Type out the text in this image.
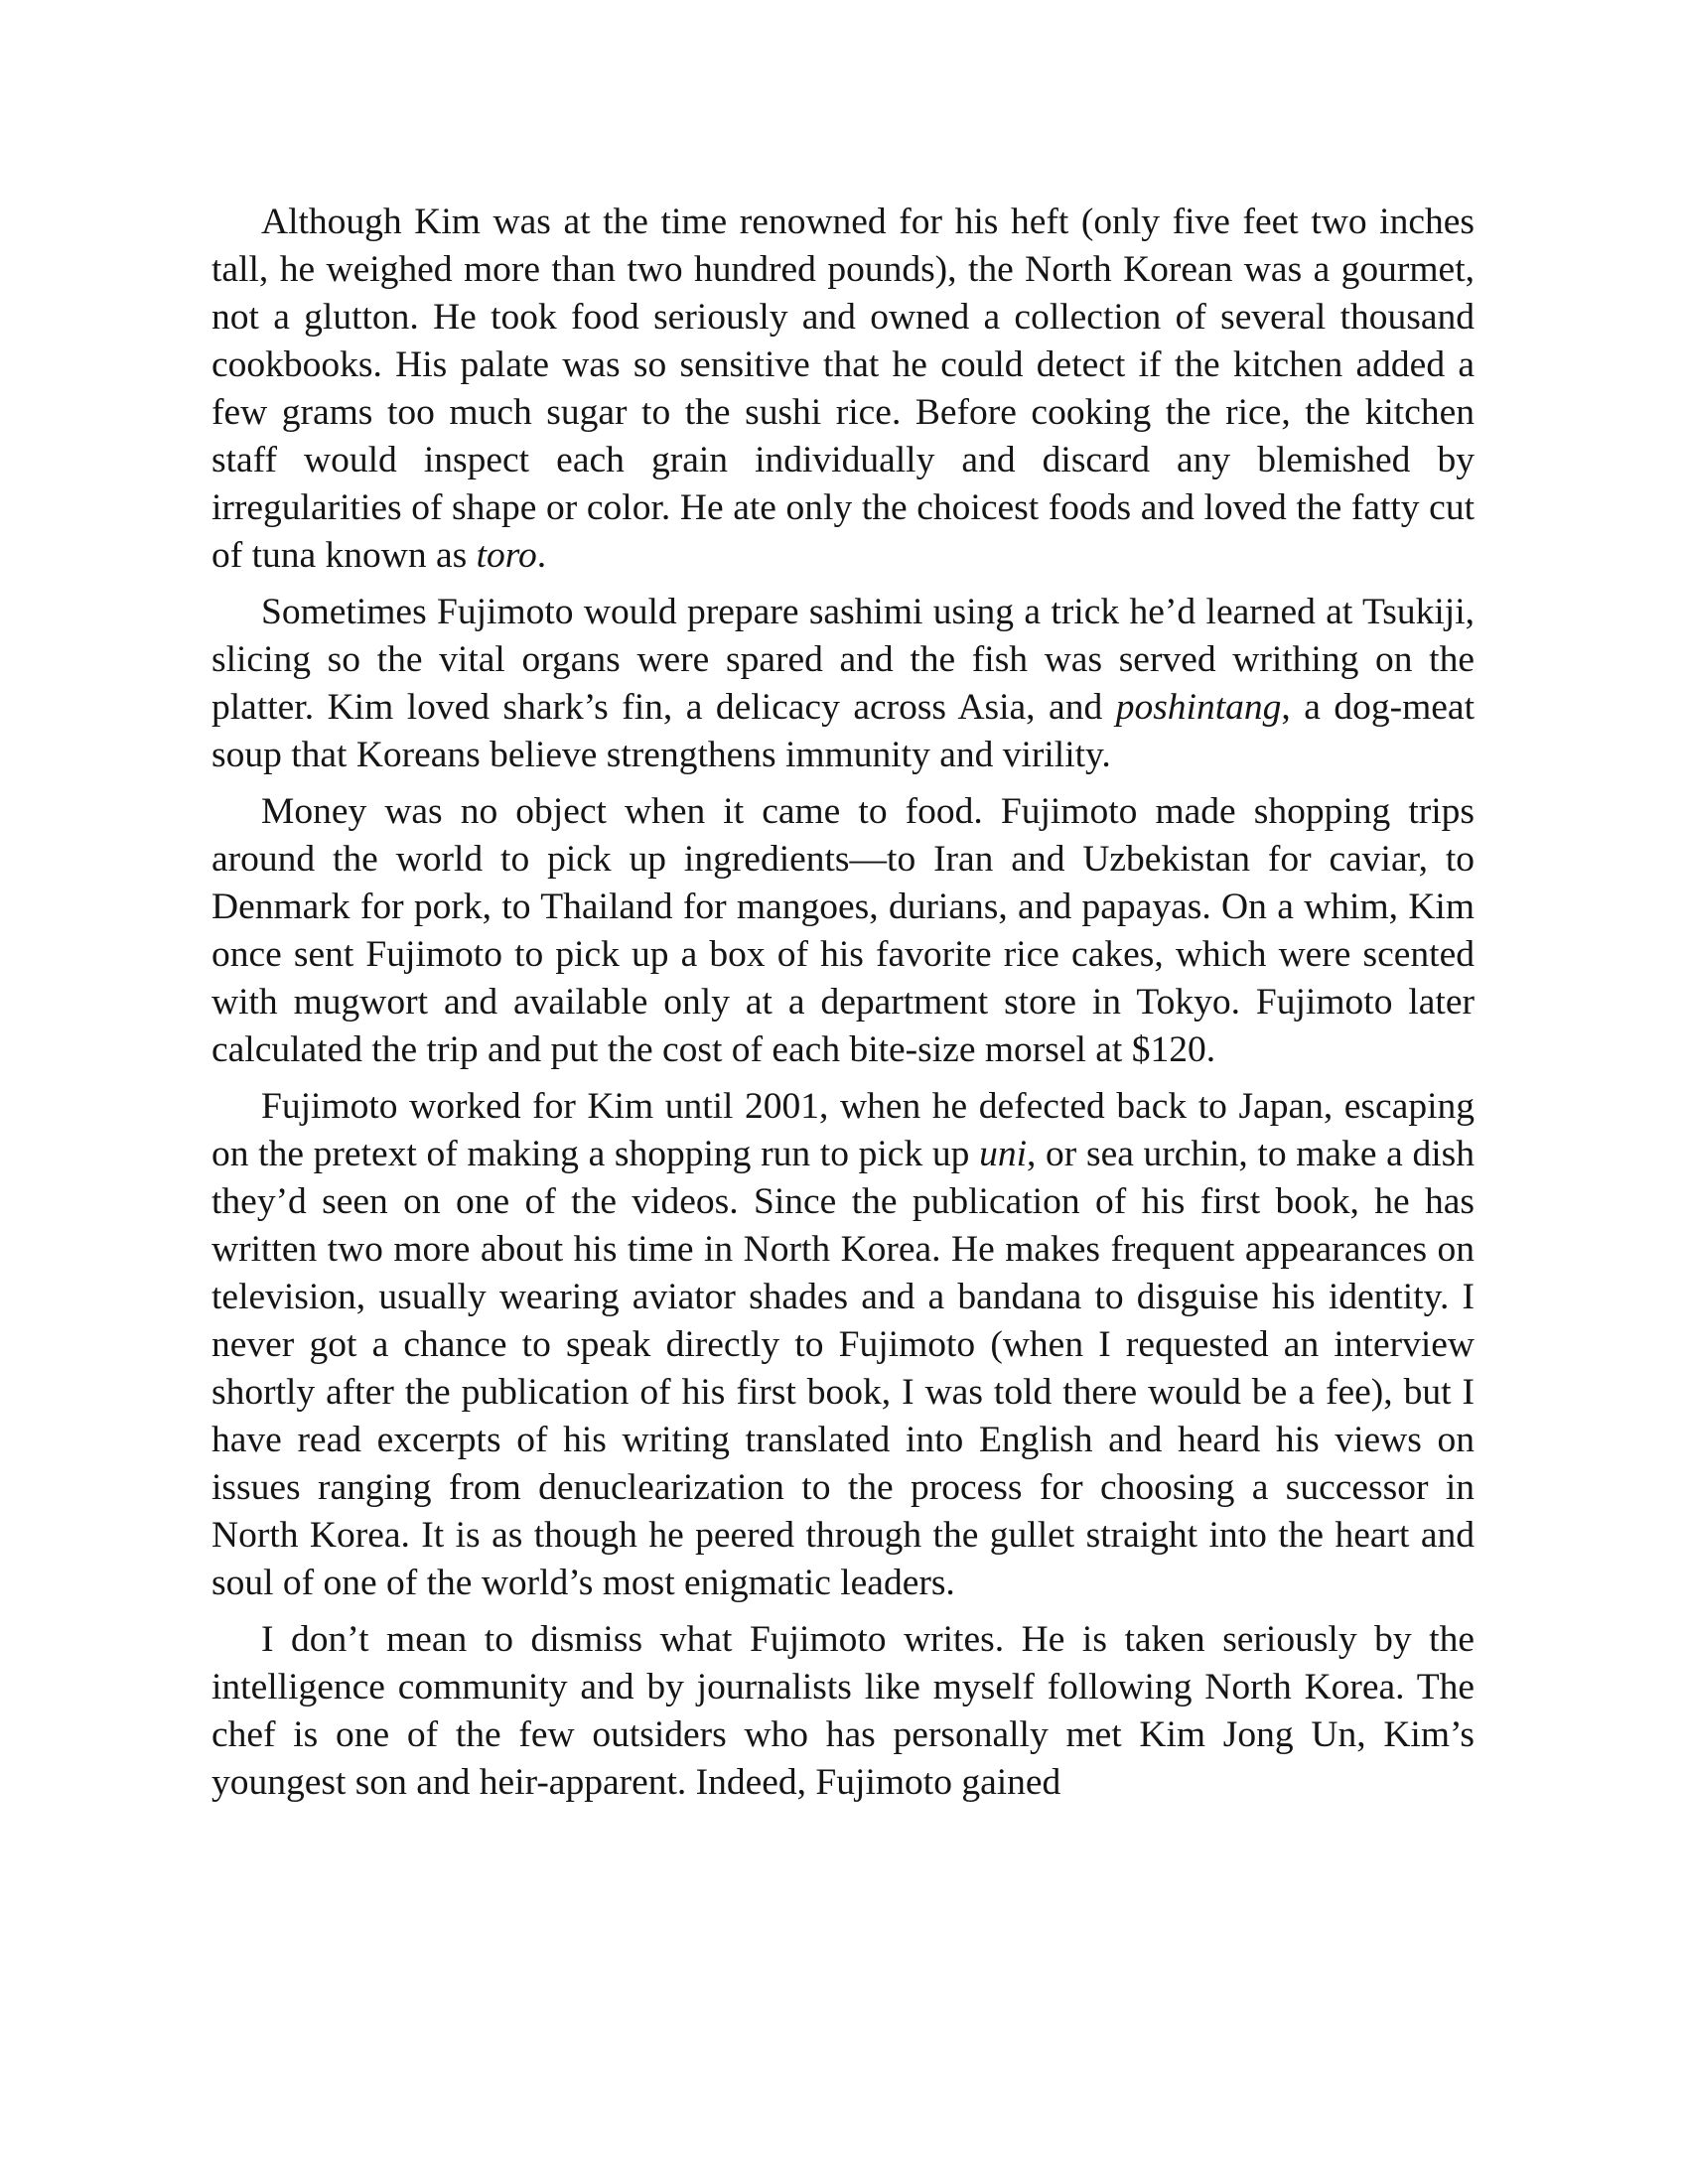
Although Kim was at the time renowned for his heft (only five feet two inches tall, he weighed more than two hundred pounds), the North Korean was a gourmet, not a glutton. He took food seriously and owned a collection of several thousand cookbooks. His palate was so sensitive that he could detect if the kitchen added a few grams too much sugar to the sushi rice. Before cooking the rice, the kitchen staff would inspect each grain individually and discard any blemished by irregularities of shape or color. He ate only the choicest foods and loved the fatty cut of tuna known as toro.

Sometimes Fujimoto would prepare sashimi using a trick he’d learned at Tsukiji, slicing so the vital organs were spared and the fish was served writhing on the platter. Kim loved shark’s fin, a delicacy across Asia, and poshintang, a dog-meat soup that Koreans believe strengthens immunity and virility.

Money was no object when it came to food. Fujimoto made shopping trips around the world to pick up ingredients—to Iran and Uzbekistan for caviar, to Denmark for pork, to Thailand for mangoes, durians, and papayas. On a whim, Kim once sent Fujimoto to pick up a box of his favorite rice cakes, which were scented with mugwort and available only at a department store in Tokyo. Fujimoto later calculated the trip and put the cost of each bite-size morsel at $120.

Fujimoto worked for Kim until 2001, when he defected back to Japan, escaping on the pretext of making a shopping run to pick up uni, or sea urchin, to make a dish they’d seen on one of the videos. Since the publication of his first book, he has written two more about his time in North Korea. He makes frequent appearances on television, usually wearing aviator shades and a bandana to disguise his identity. I never got a chance to speak directly to Fujimoto (when I requested an interview shortly after the publication of his first book, I was told there would be a fee), but I have read excerpts of his writing translated into English and heard his views on issues ranging from denuclearization to the process for choosing a successor in North Korea. It is as though he peered through the gullet straight into the heart and soul of one of the world’s most enigmatic leaders.

I don’t mean to dismiss what Fujimoto writes. He is taken seriously by the intelligence community and by journalists like myself following North Korea. The chef is one of the few outsiders who has personally met Kim Jong Un, Kim’s youngest son and heir-apparent. Indeed, Fujimoto gained
